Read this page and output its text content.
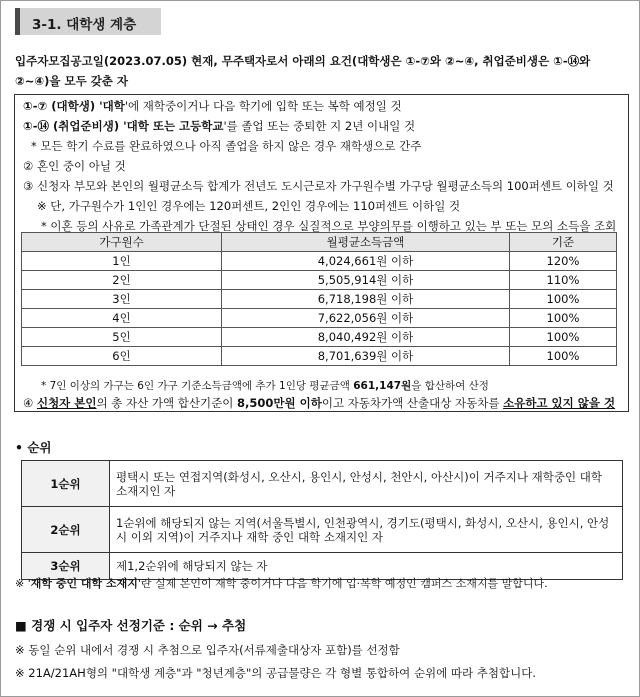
3-1. 대학생 계층
입주자모집공고일(2023.07.05) 현재, 무주택자로서 아래의 요건(대학생은 ①-⑦와 ②~④, 취업준비생은 ①-⑭와
②~④)을 모두 갖춘 자
①-⑦ (대학생) '대학'에 재학중이거나 다음 학기에 입학 또는 복학 예정일 것
①-⑭ (취업준비생) '대학 또는 고등학교'를 졸업 또는 중퇴한 지 2년 이내일 것
* 모든 학기 수료를 완료하였으나 아직 졸업을 하지 않은 경우 재학생으로 간주
② 혼인 중이 아닐 것
③ 신청자 부모와 본인의 월평균소득 합계가 전년도 도시근로자 가구원수별 가구당 월평균소득의 100퍼센트 이하일 것
※ 단, 가구원수가 1인인 경우에는 120퍼센트, 2인인 경우에는 110퍼센트 이하일 것
* 이혼 등의 사유로 가족관계가 단절된 상태인 경우 실질적으로 부양의무를 이행하고 있는 부 또는 모의 소득을 조회
* 7인 이상의 가구는 6인 가구 기준소득금액에 추가 1인당 평균금액 661,147원을 합산하여 산정
④ 신청자 본인의 총 자산 가액 합산기준이 8,500만원 이하이고 자동차가액 산출대상 자동차를 소유하고 있지 않을 것
가구원수	월평균소득금액	기준
1인	4,024,661원 이하	120%
2인	5,505,914원 이하	110%
3인	6,718,198원 이하	100%
4인	7,622,056원 이하	100%
5인	8,040,492원 이하	100%
6인	8,701,639원 이하	100%
• 순위
1순위	평택시 또는 연접지역(화성시, 오산시, 용인시, 안성시, 천안시, 아산시)이 거주지나 재학중인 대학 소재지인 자
2순위	1순위에 해당되지 않는 지역(서울특별시, 인천광역시, 경기도(평택시, 화성시, 오산시, 용인시, 안성시 이외 지역)이 거주지나 재학 중인 대학 소재지인 자
3순위	제1,2순위에 해당되지 않는 자
※ '재학 중인 대학 소재지'란 실제 본인이 재학 중이거나 다음 학기에 입·복학 예정인 캠퍼스 소재지를 말합니다.
■ 경쟁 시 입주자 선정기준 : 순위 → 추첨
※ 동일 순위 내에서 경쟁 시 추첨으로 입주자(서류제출대상자 포함)를 선정함
※ 21A/21AH형의 "대학생 계층"과 "청년계층"의 공급물량은 각 형별 통합하여 순위에 따라 추첨합니다.
